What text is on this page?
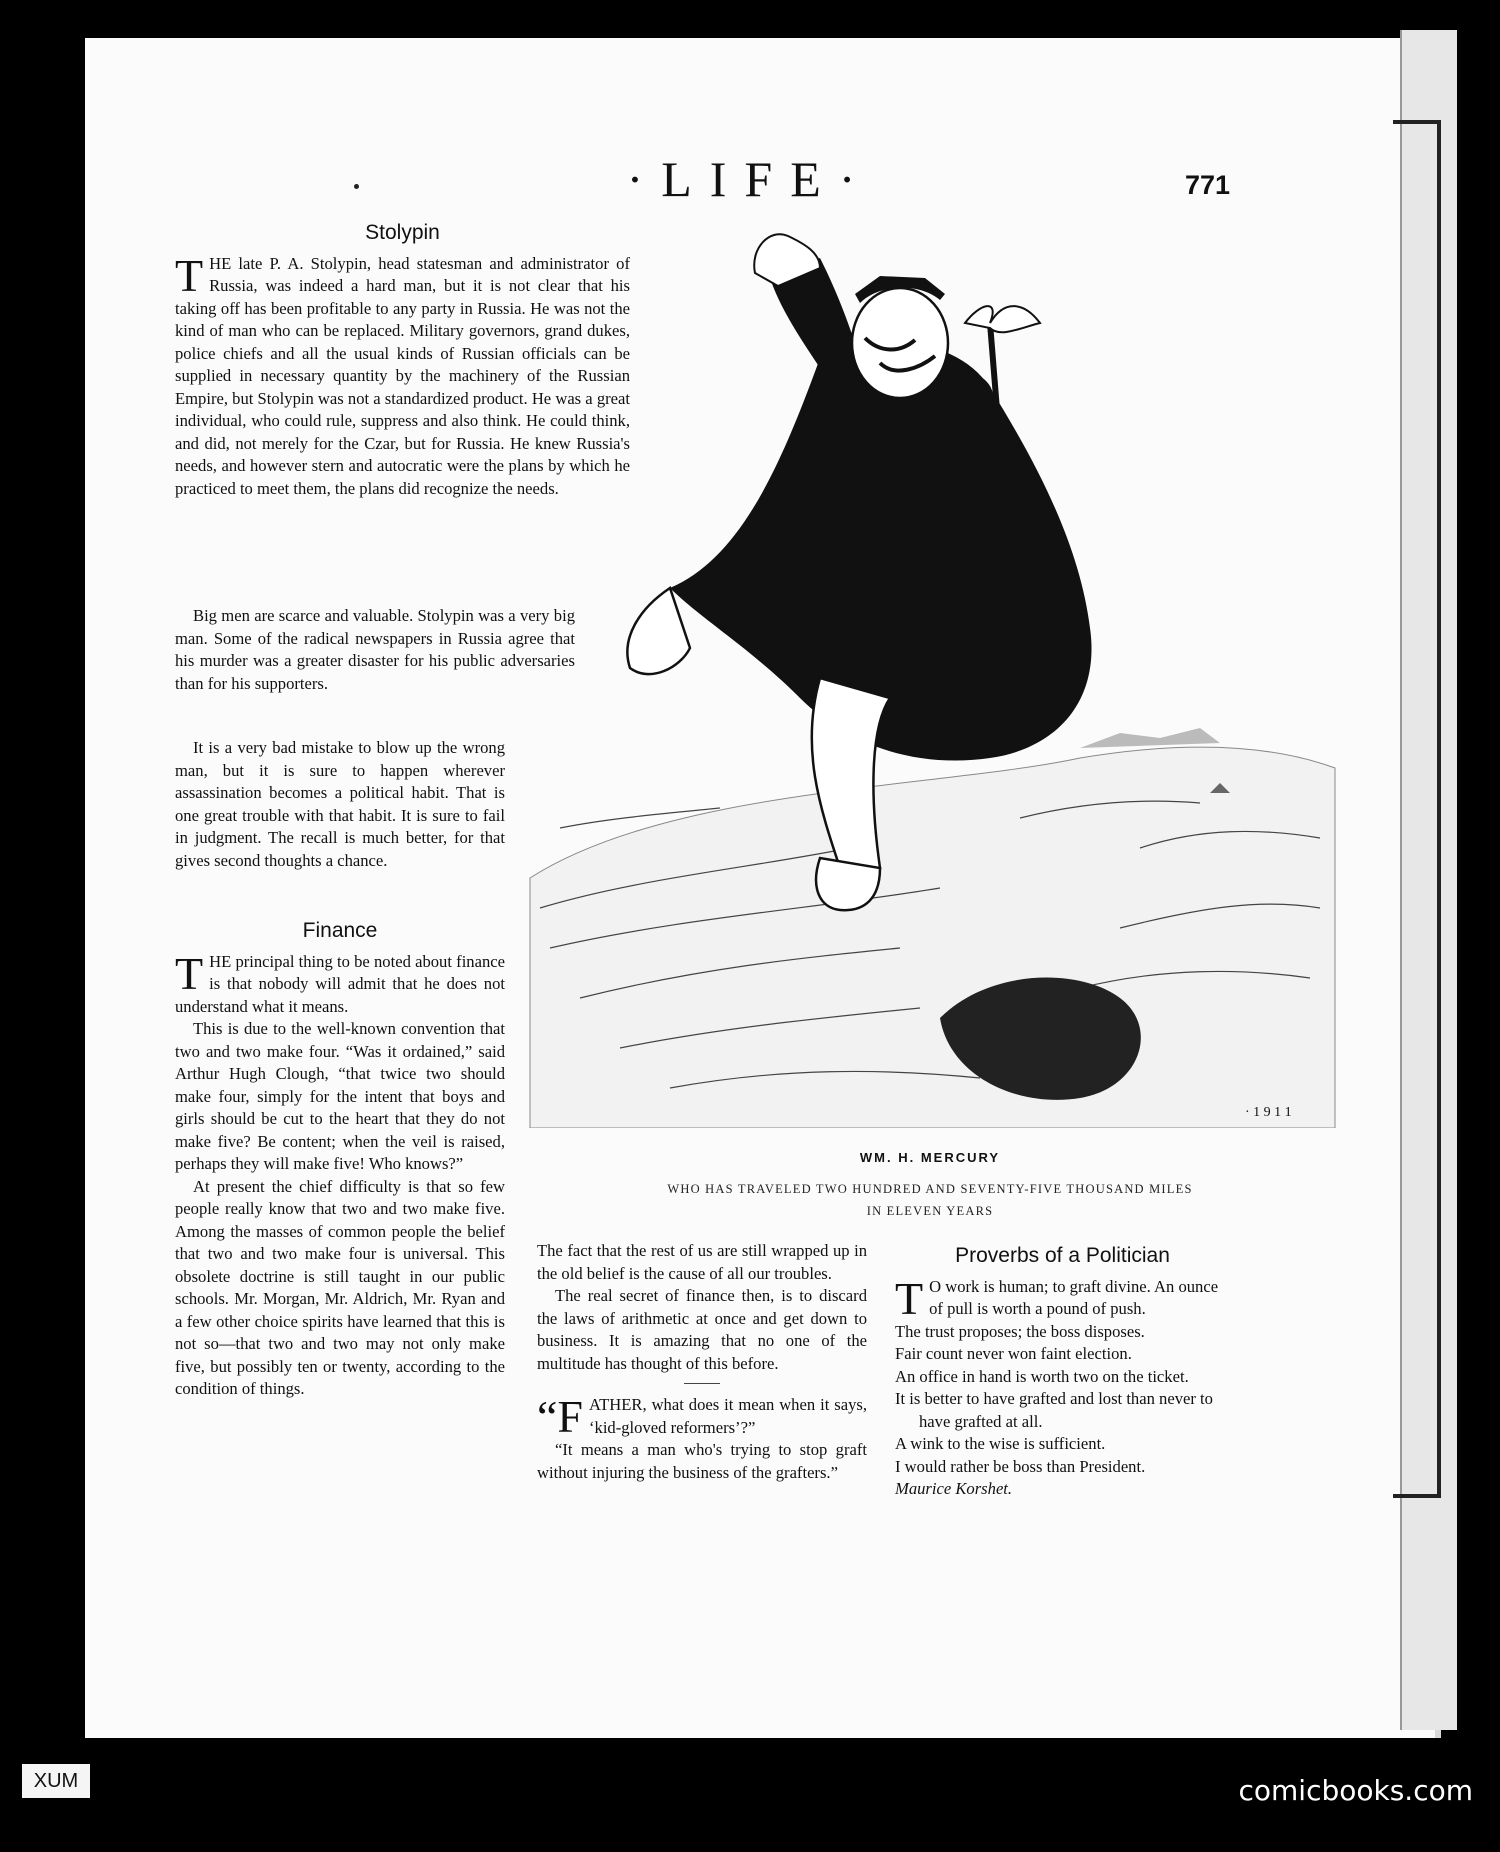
·LIFE·	771
Stolypin

THE late P. A. Stolypin, head statesman and administrator of Russia, was indeed a hard man, but it is not clear that his taking off has been profitable to any party in Russia. He was not the kind of man who can be replaced. Military governors, grand dukes, police chiefs and all the usual kinds of Russian officials can be supplied in necessary quantity by the machinery of the Russian Empire, but Stolypin was not a standardized product. He was a great individual, who could rule, suppress and also think. He could think, and did, not merely for the Czar, but for Russia. He knew Russia's needs, and however stern and autocratic were the plans by which he practiced to meet them, the plans did recognize the needs.

Big men are scarce and valuable. Stolypin was a very big man. Some of the radical newspapers in Russia agree that his murder was a greater disaster for his public adversaries than for his supporters.

It is a very bad mistake to blow up the wrong man, but it is sure to happen wherever assassination becomes a political habit. That is one great trouble with that habit. It is sure to fail in judgment. The recall is much better, for that gives second thoughts a chance.

Finance

THE principal thing to be noted about finance is that nobody will admit that he does not understand what it means.

This is due to the well-known convention that two and two make four. “Was it ordained,” said Arthur Hugh Clough, “that twice two should make four, simply for the intent that boys and girls should be cut to the heart that they do not make five? Be content; when the veil is raised, perhaps they will make five! Who knows?”

At present the chief difficulty is that so few people really know that two and two make five. Among the masses of common people the belief that two and two make four is universal. This obsolete doctrine is still taught in our public schools. Mr. Morgan, Mr. Aldrich, Mr. Ryan and a few other choice spirits have learned that this is not so—that two and two may not only make five, but possibly ten or twenty, according to the condition of things.

· 1 9 1 1
WM. H. MERCURY
WHO HAS TRAVELED TWO HUNDRED AND SEVENTY-FIVE THOUSAND MILES
IN ELEVEN YEARS

The fact that the rest of us are still wrapped up in the old belief is the cause of all our troubles.

The real secret of finance then, is to discard the laws of arithmetic at once and get down to business. It is amazing that no one of the multitude has thought of this before.

“FATHER, what does it mean when it says, ‘kid-gloved reformers’?”

“It means a man who's trying to stop graft without injuring the business of the grafters.”

Proverbs of a Politician

T O work is human; to graft divine. An ounce of pull is worth a pound of push.

The trust proposes; the boss disposes.

Fair count never won faint election.

An office in hand is worth two on the ticket.

It is better to have grafted and lost than never to have grafted at all.

A wink to the wise is sufficient.

I would rather be boss than President.

Maurice Korshet.

XUM	comicbooks.com
